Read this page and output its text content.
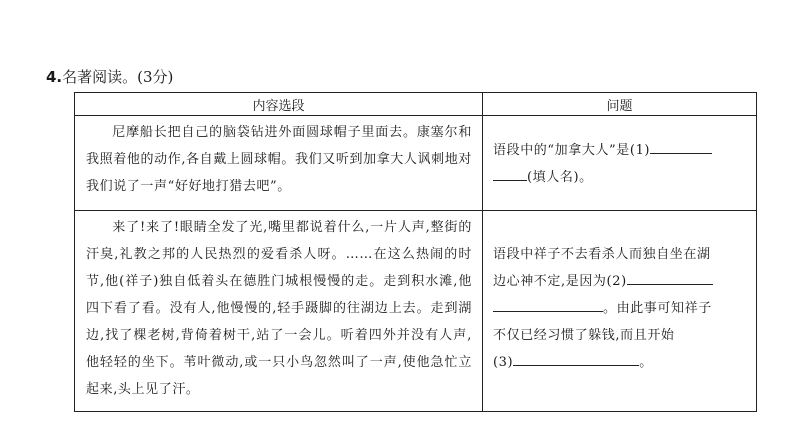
4.名著阅读。(3分)
内容选段	问题

尼摩船长把自己的脑袋钻进外面圆球帽子里面去。康塞尔和我照着他的动作,各自戴上圆球帽。我们又听到加拿大人讽刺地对我们说了一声“好好地打猎去吧”。	语段中的“加拿大人”是(1)
(填人名)。

来了!来了!眼睛全发了光,嘴里都说着什么,一片人声,整街的汗臭,礼教之邦的人民热烈的爱看杀人呀。……在这么热闹的时节,他(祥子)独自低着头在德胜门城根慢慢的走。走到积水滩,他四下看了看。没有人,他慢慢的,轻手蹑脚的往湖边上去。走到湖边,找了棵老树,背倚着树干,站了一会儿。听着四外并没有人声,他轻轻的坐下。苇叶微动,或一只小鸟忽然叫了一声,使他急忙立起来,头上见了汗。	语段中祥子不去看杀人而独自坐在湖
边心神不定,是因为(2)
。由此事可知祥子
不仅已经习惯了躲钱,而且开始
(3) 。
